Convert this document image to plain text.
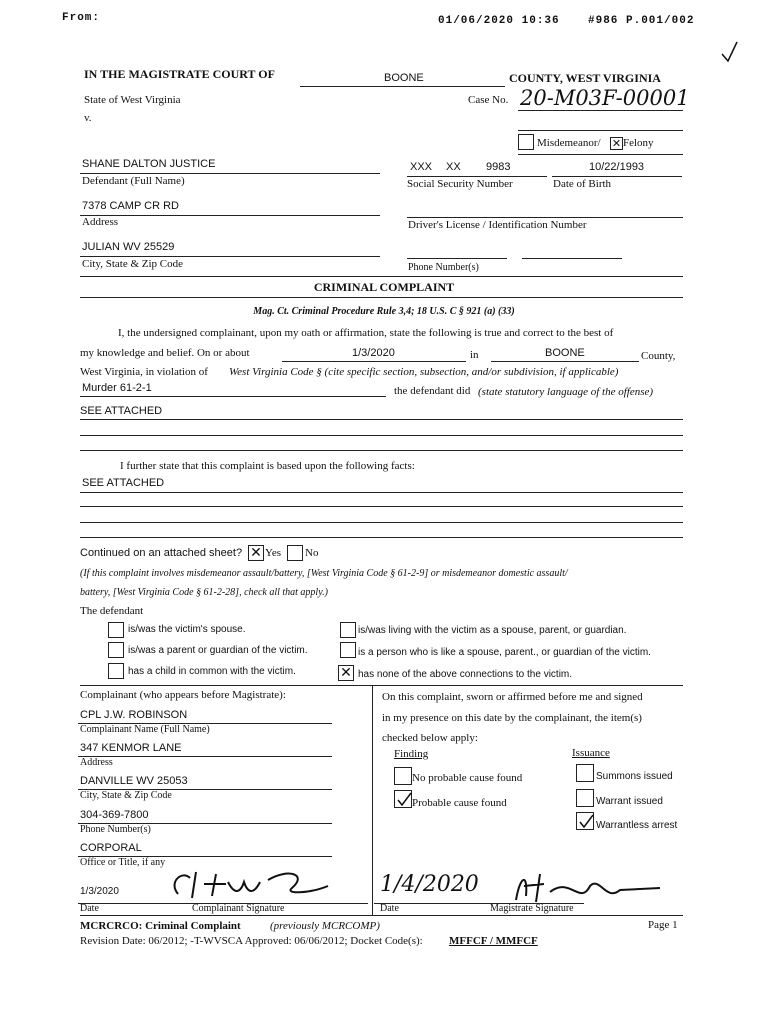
From:	01/06/2020 10:36	#986 P.001/002
IN THE MAGISTRATE COURT OF	BOONE	COUNTY, WEST VIRGINIA
State of West Virginia
v.
Case No. 20-M03F-00001
Misdemeanor/ ✕ Felony
SHANE DALTON JUSTICE
Defendant (Full Name)
XXX XX 9983
Social Security Number
10/22/1993
Date of Birth
7378 CAMP CR RD
Address	Driver's License / Identification Number
JULIAN WV 25529
City, State & Zip Code	Phone Number(s)
CRIMINAL COMPLAINT
Mag. Ct. Criminal Procedure Rule 3,4; 18 U.S. C § 921 (a) (33)
I, the undersigned complainant, upon my oath or affirmation, state the following is true and correct to the best of
my knowledge and belief. On or about	1/3/2020	in	BOONE	County,
West Virginia, in violation of West Virginia Code § (cite specific section, subsection, and/or subdivision, if applicable)
Murder 61-2-1	the defendant did (state statutory language of the offense)
SEE ATTACHED
I further state that this complaint is based upon the following facts:
SEE ATTACHED
Continued on an attached sheet? ✕ Yes No
(If this complaint involves misdemeanor assault/battery, [West Virginia Code § 61-2-9] or misdemeanor domestic assault/
battery, [West Virginia Code § 61-2-28], check all that apply.)
The defendant
is/was the victim's spouse.	is/was living with the victim as a spouse, parent, or guardian.
is/was a parent or guardian of the victim.	is a person who is like a spouse, parent., or guardian of the victim.
has a child in common with the victim.	✕ has none of the above connections to the victim.
Complainant (who appears before Magistrate):
CPL J.W. ROBINSON
Complainant Name (Full Name)
347 KENMOR LANE
Address
DANVILLE WV 25053
City, State & Zip Code
304-369-7800
Phone Number(s)
CORPORAL
Office or Title, if any
1/3/2020
Date	Complainant Signature
On this complaint, sworn or affirmed before me and signed
in my presence on this date by the complainant, the item(s)
checked below apply:
Finding	Issuance
No probable cause found
Probable cause found
Summons issued
Warrant issued
Warrantless arrest
1/4/2020
Date	Magistrate Signature
MCRCRCO: Criminal Complaint	(previously MCRCOMP)	Page 1
Revision Date: 06/2012; -T-WVSCA Approved: 06/06/2012; Docket Code(s): MFFCF / MMFCF
